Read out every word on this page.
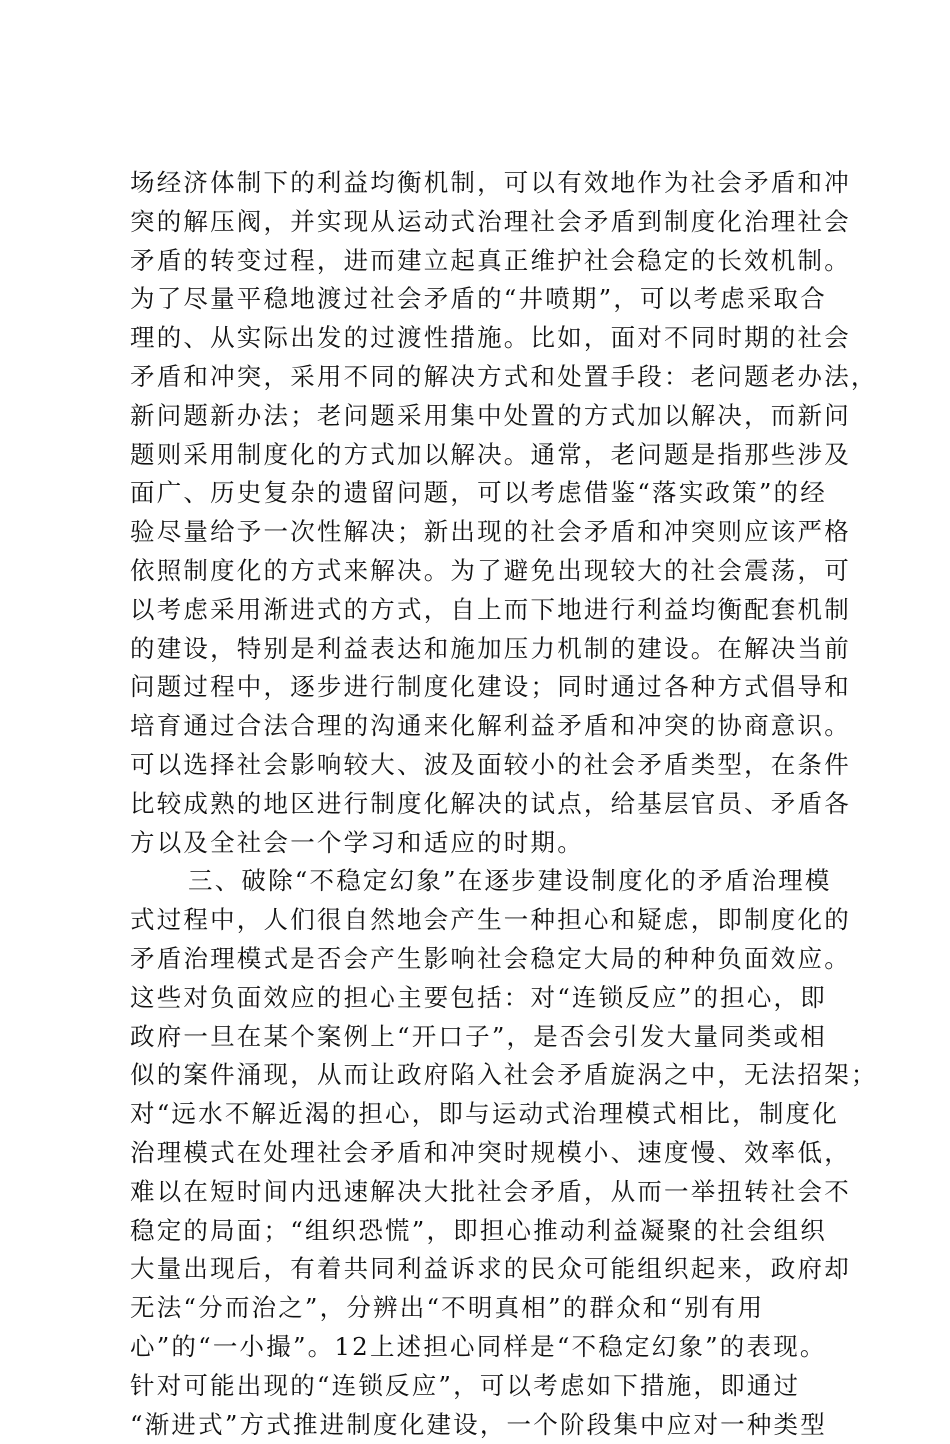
场经济体制下的利益均衡机制，可以有效地作为社会矛盾和冲
突的解压阀，并实现从运动式治理社会矛盾到制度化治理社会
矛盾的转变过程，进而建立起真正维护社会稳定的长效机制。
为了尽量平稳地渡过社会矛盾的“井喷期”，可以考虑采取合
理的、从实际出发的过渡性措施。比如，面对不同时期的社会
矛盾和冲突，采用不同的解决方式和处置手段：老问题老办法，
新问题新办法；老问题采用集中处置的方式加以解决，而新问
题则采用制度化的方式加以解决。通常，老问题是指那些涉及
面广、历史复杂的遗留问题，可以考虑借鉴“落实政策”的经
验尽量给予一次性解决；新出现的社会矛盾和冲突则应该严格
依照制度化的方式来解决。为了避免出现较大的社会震荡，可
以考虑采用渐进式的方式，自上而下地进行利益均衡配套机制
的建设，特别是利益表达和施加压力机制的建设。在解决当前
问题过程中，逐步进行制度化建设；同时通过各种方式倡导和
培育通过合法合理的沟通来化解利益矛盾和冲突的协商意识。
可以选择社会影响较大、波及面较小的社会矛盾类型，在条件
比较成熟的地区进行制度化解决的试点，给基层官员、矛盾各
方以及全社会一个学习和适应的时期。
三、破除“不稳定幻象”在逐步建设制度化的矛盾治理模
式过程中，人们很自然地会产生一种担心和疑虑，即制度化的
矛盾治理模式是否会产生影响社会稳定大局的种种负面效应。
这些对负面效应的担心主要包括：对“连锁反应”的担心，即
政府一旦在某个案例上“开口子”，是否会引发大量同类或相
似的案件涌现，从而让政府陷入社会矛盾旋涡之中，无法招架；
对“远水不解近渴的担心，即与运动式治理模式相比，制度化
治理模式在处理社会矛盾和冲突时规模小、速度慢、效率低，
难以在短时间内迅速解决大批社会矛盾，从而一举扭转社会不
稳定的局面；“组织恐慌”，即担心推动利益凝聚的社会组织
大量出现后，有着共同利益诉求的民众可能组织起来，政府却
无法“分而治之”，分辨出“不明真相”的群众和“别有用
心”的“一小撮”。12上述担心同样是“不稳定幻象”的表现。
针对可能出现的“连锁反应”，可以考虑如下措施，即通过
“渐进式”方式推进制度化建设，一个阶段集中应对一种类型
